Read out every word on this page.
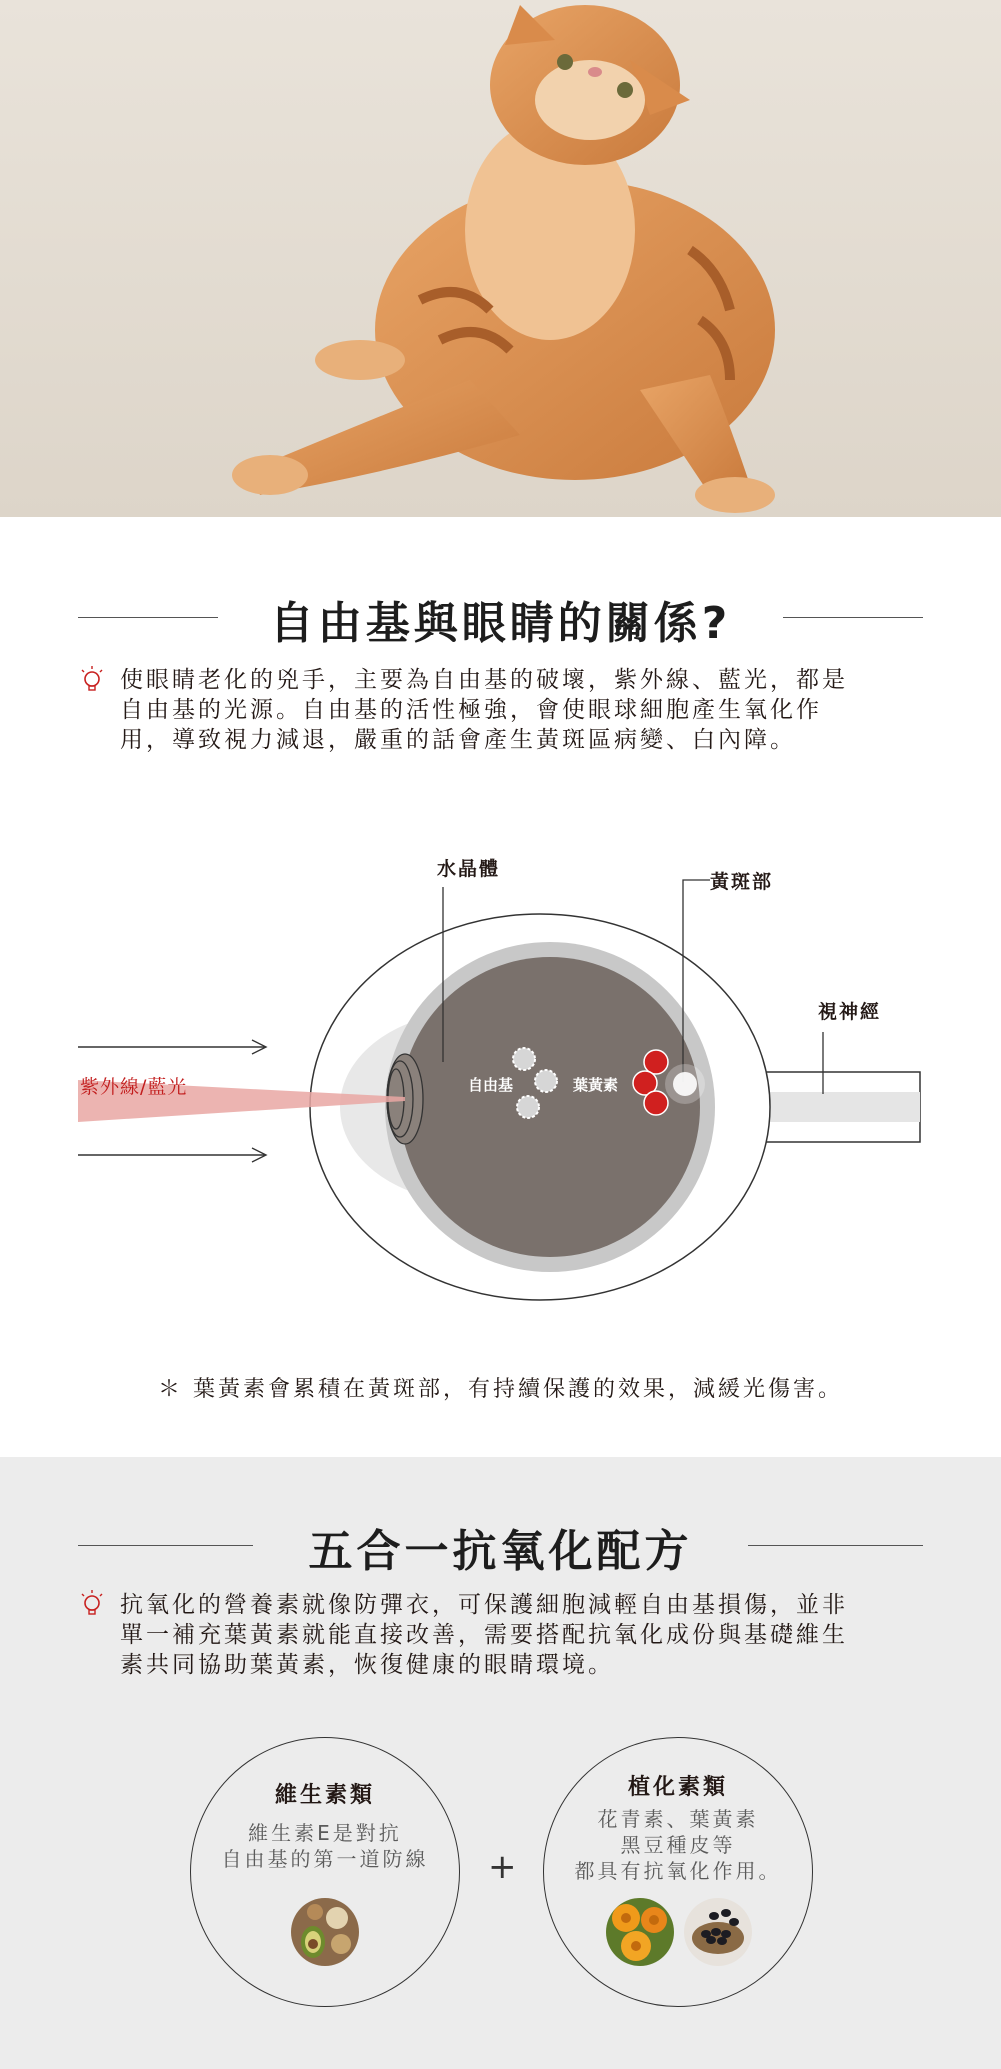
自由基與眼睛的關係?
使眼睛老化的兇手，主要為自由基的破壞，紫外線、藍光，都是
自由基的光源。自由基的活性極強，會使眼球細胞產生氧化作
用，導致視力減退，嚴重的話會產生黃斑區病變、白內障。
水晶體
黃斑部
視神經
紫外線/藍光	自由基	葉黃素
＊ 葉黃素會累積在黃斑部，有持續保護的效果，減緩光傷害。
五合一抗氧化配方
抗氧化的營養素就像防彈衣，可保護細胞減輕自由基損傷，並非
單一補充葉黃素就能直接改善，需要搭配抗氧化成份與基礎維生
素共同協助葉黃素，恢復健康的眼睛環境。
維生素類
維生素E是對抗
自由基的第一道防線	+
植化素類
花青素、葉黃素
黑豆種皮等
都具有抗氧化作用。
